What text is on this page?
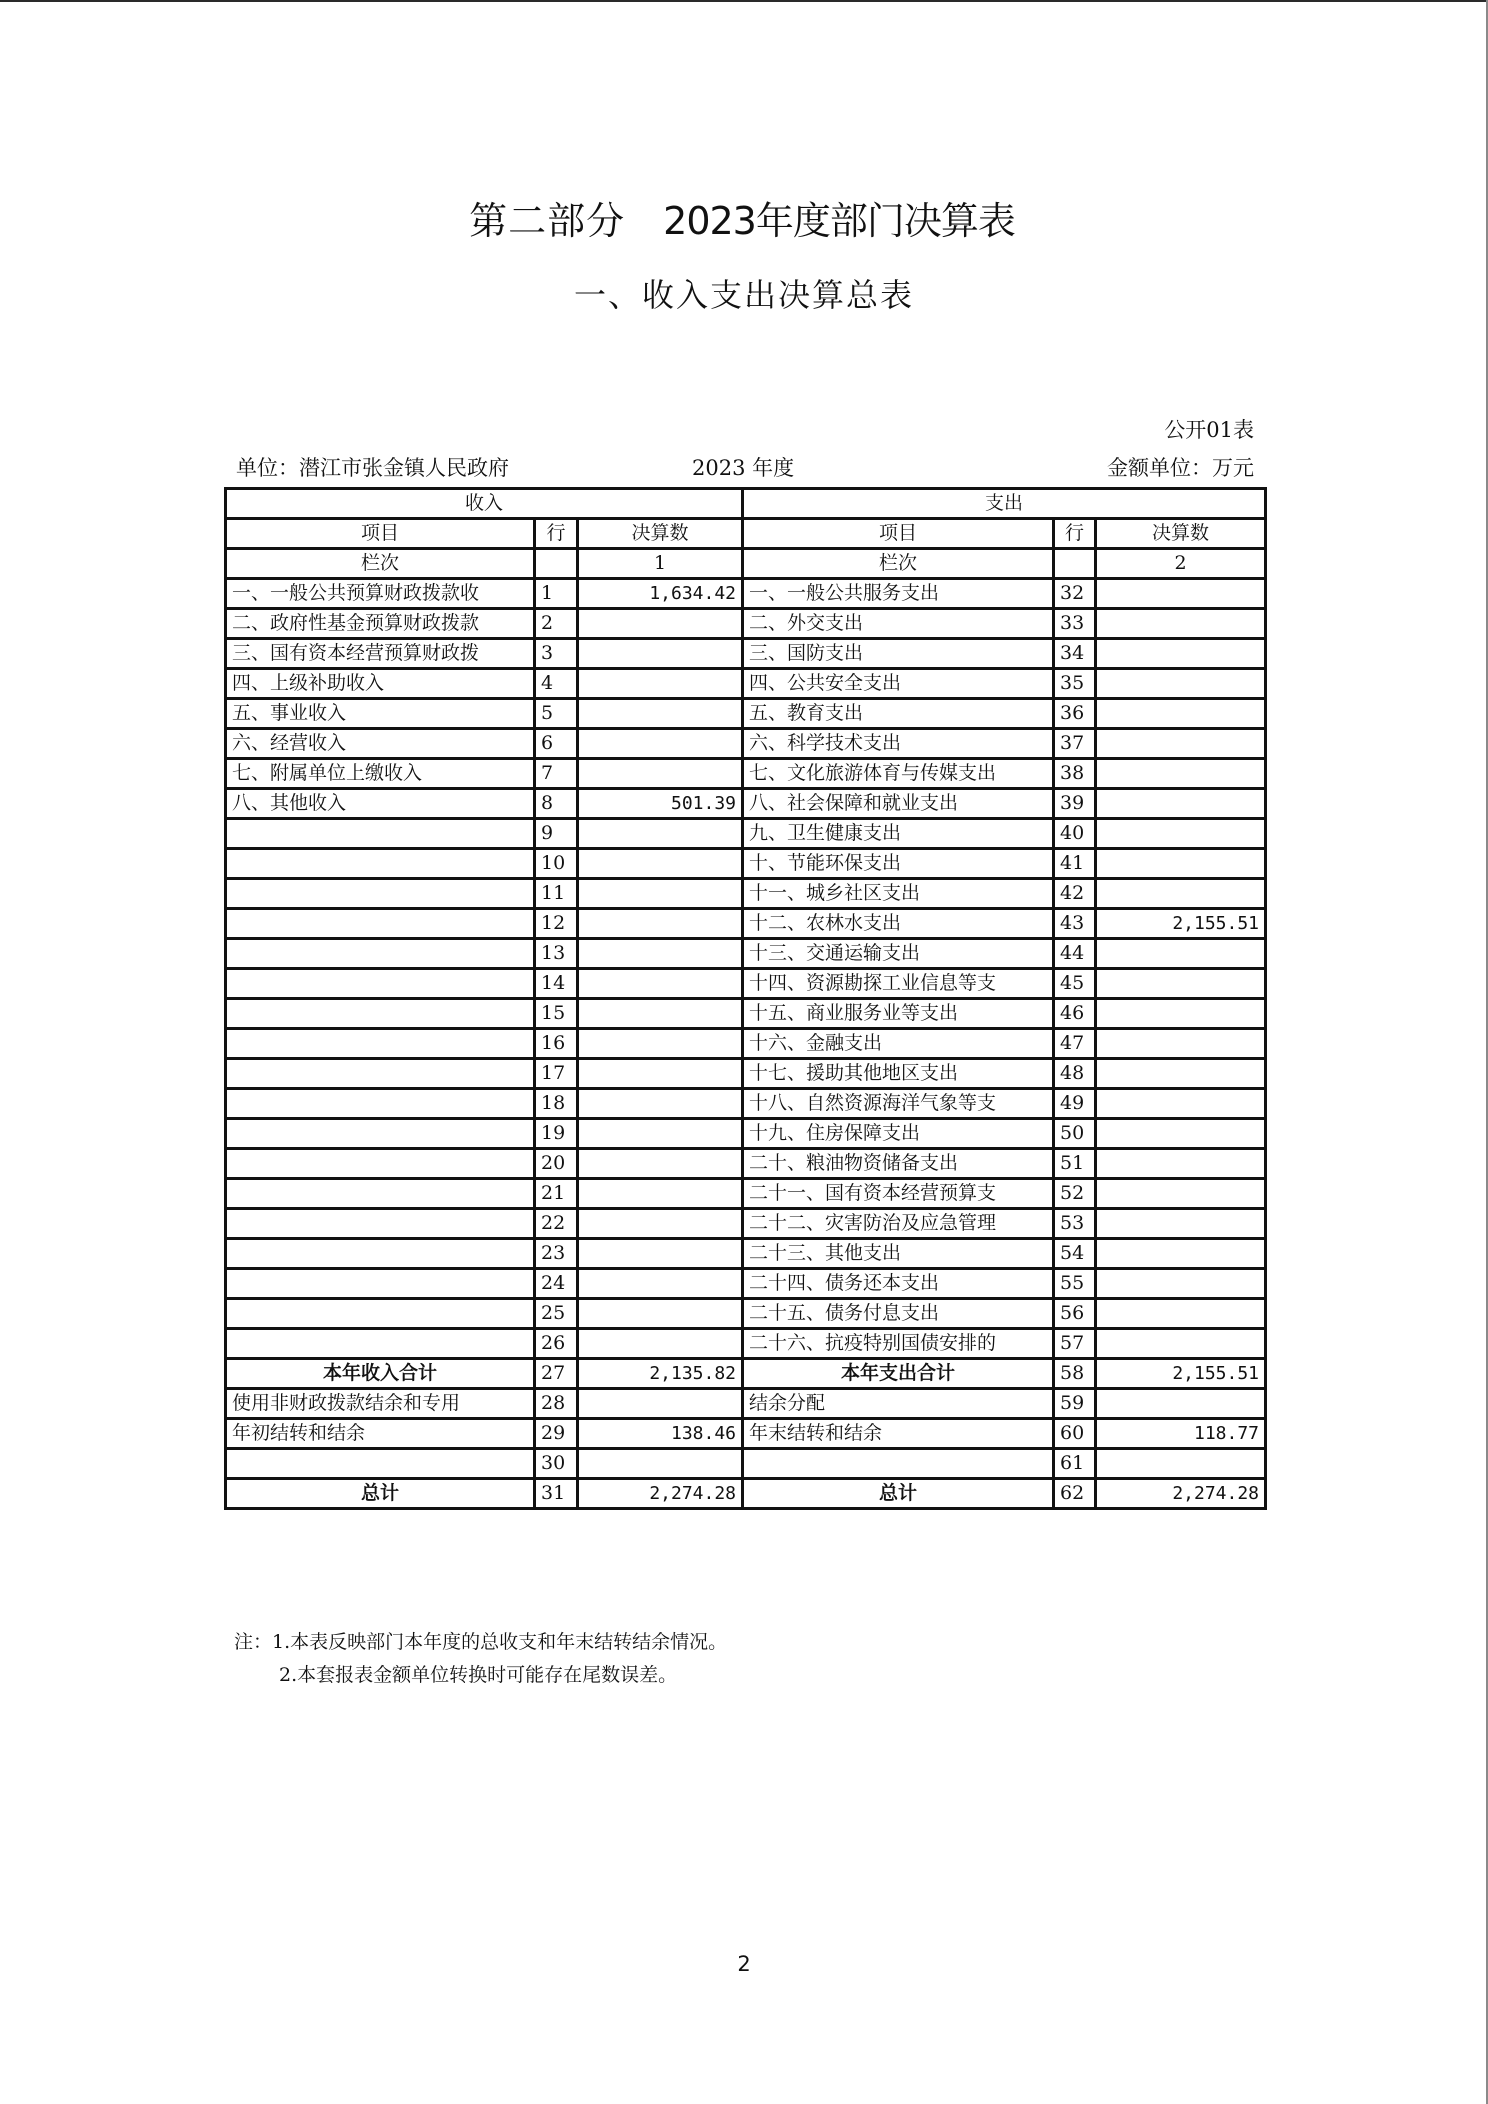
第二部分 2023年度部门决算表
一、收入支出决算总表
公开01表
单位：潜江市张金镇人民政府	2023 年度	金额单位：万元
收入			支出		
项目	行	决算数	项目	行	决算数
栏次		1	栏次		2
一、一般公共预算财政拨款收	1	1,634.42	一、一般公共服务支出	32	
二、政府性基金预算财政拨款	2		二、外交支出	33	
三、国有资本经营预算财政拨	3		三、国防支出	34	
四、上级补助收入	4		四、公共安全支出	35	
五、事业收入	5		五、教育支出	36	
六、经营收入	6		六、科学技术支出	37	
七、附属单位上缴收入	7		七、文化旅游体育与传媒支出	38	
八、其他收入	8	501.39	八、社会保障和就业支出	39	
	9		九、卫生健康支出	40	
	10		十、节能环保支出	41	
	11		十一、城乡社区支出	42	
	12		十二、农林水支出	43	2,155.51
	13		十三、交通运输支出	44	
	14		十四、资源勘探工业信息等支	45	
	15		十五、商业服务业等支出	46	
	16		十六、金融支出	47	
	17		十七、援助其他地区支出	48	
	18		十八、自然资源海洋气象等支	49	
	19		十九、住房保障支出	50	
	20		二十、粮油物资储备支出	51	
	21		二十一、国有资本经营预算支	52	
	22		二十二、灾害防治及应急管理	53	
	23		二十三、其他支出	54	
	24		二十四、债务还本支出	55	
	25		二十五、债务付息支出	56	
	26		二十六、抗疫特别国债安排的	57	
本年收入合计	27	2,135.82	本年支出合计	58	2,155.51
使用非财政拨款结余和专用	28		结余分配	59	
年初结转和结余	29	138.46	年末结转和结余	60	118.77
	30			61	
总计	31	2,274.28	总计	62	2,274.28
注：1.本表反映部门本年度的总收支和年末结转结余情况。
2.本套报表金额单位转换时可能存在尾数误差。
2
